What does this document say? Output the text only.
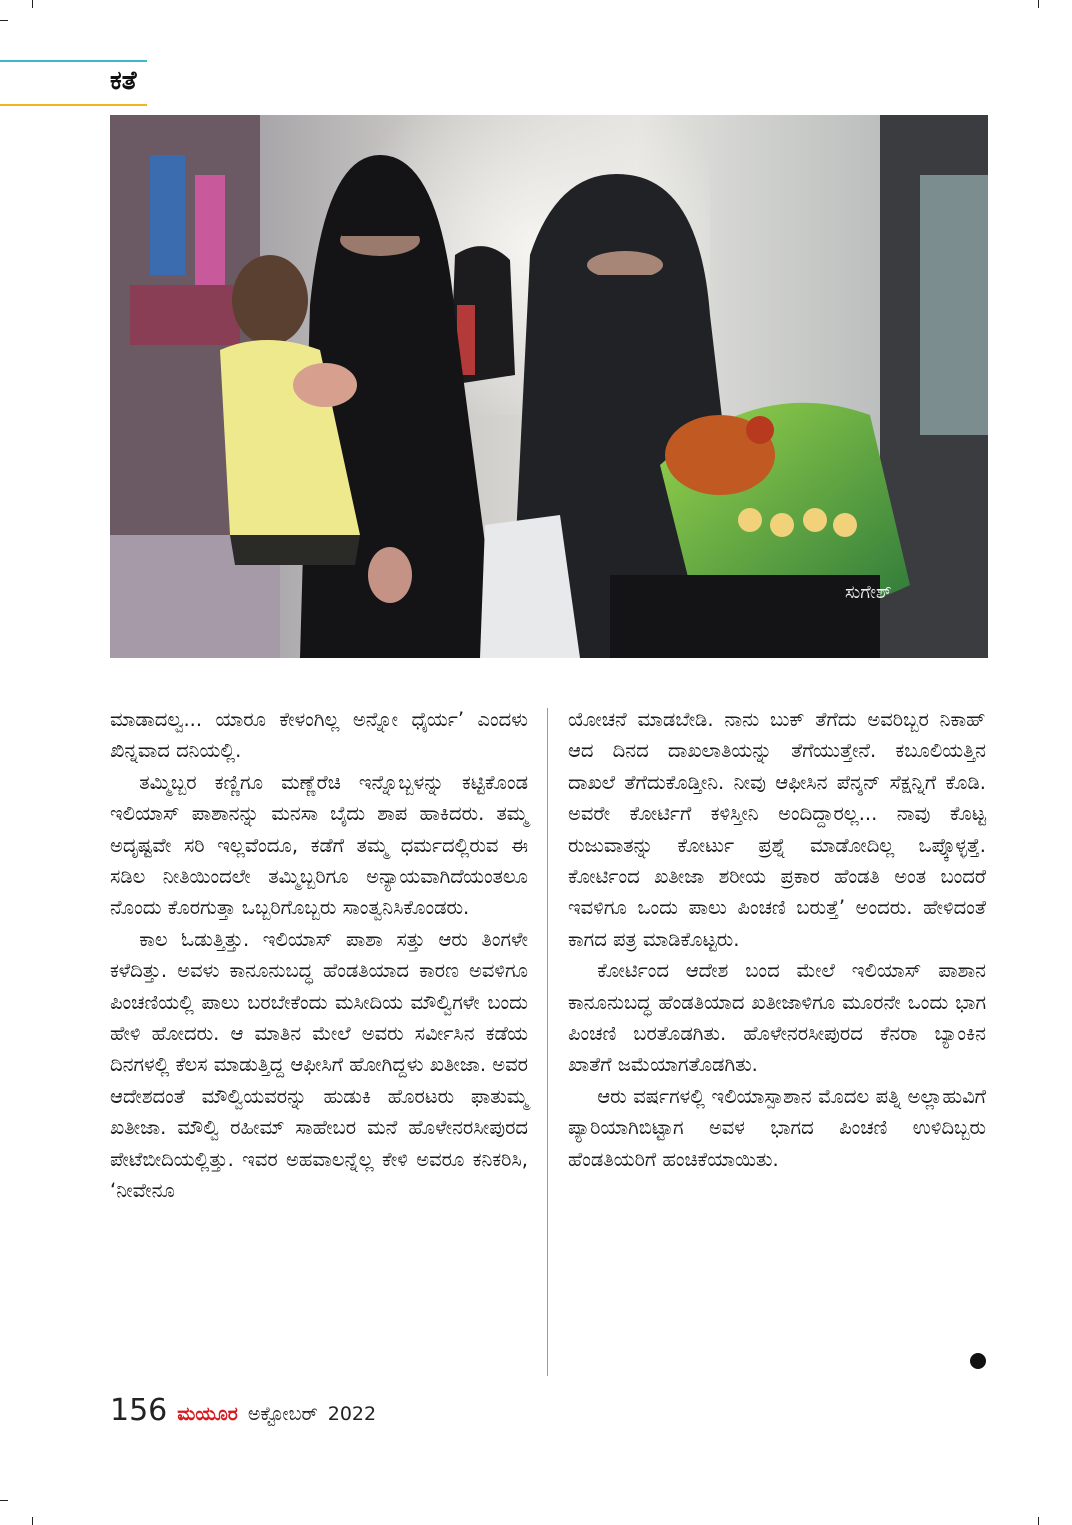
ಕತೆ
ಸುಗೇಶ್

ಮಾಡಾದಲ್ವ... ಯಾರೂ ಕೇಳಂಗಿಲ್ಲ ಅನ್ನೋ ಧೈರ್ಯ’ ಎಂದಳು ಖಿನ್ನವಾದ ದನಿಯಲ್ಲಿ.

ತಮ್ಮಿಬ್ಬರ ಕಣ್ಣಿಗೂ ಮಣ್ಣೆರೆಚಿ ಇನ್ನೊಬ್ಬಳನ್ನು ಕಟ್ಟಿಕೊಂಡ ಇಲಿಯಾಸ್ ಪಾಶಾನನ್ನು ಮನಸಾ ಬೈದು ಶಾಪ ಹಾಕಿದರು. ತಮ್ಮ ಅದೃಷ್ಟವೇ ಸರಿ ಇಲ್ಲವೆಂದೂ, ಕಡೆಗೆ ತಮ್ಮ ಧರ್ಮದಲ್ಲಿರುವ ಈ ಸಡಿಲ ನೀತಿಯಿಂದಲೇ ತಮ್ಮಿಬ್ಬರಿಗೂ ಅನ್ಯಾಯವಾಗಿದೆಯಂತಲೂ ನೊಂದು ಕೊರಗುತ್ತಾ ಒಬ್ಬರಿಗೊಬ್ಬರು ಸಾಂತ್ವನಿಸಿಕೊಂಡರು.

ಕಾಲ ಓಡುತ್ತಿತ್ತು. ಇಲಿಯಾಸ್ ಪಾಶಾ ಸತ್ತು ಆರು ತಿಂಗಳೇ ಕಳೆದಿತ್ತು. ಅವಳು ಕಾನೂನುಬದ್ಧ ಹೆಂಡತಿಯಾದ ಕಾರಣ ಅವಳಿಗೂ ಪಿಂಚಣಿಯಲ್ಲಿ ಪಾಲು ಬರಬೇಕೆಂದು ಮಸೀದಿಯ ಮೌಲ್ವಿಗಳೇ ಬಂದು ಹೇಳಿ ಹೋದರು. ಆ ಮಾತಿನ ಮೇಲೆ ಅವರು ಸರ್ವೀಸಿನ ಕಡೆಯ ದಿನಗಳಲ್ಲಿ ಕೆಲಸ ಮಾಡುತ್ತಿದ್ದ ಆಫೀಸಿಗೆ ಹೋಗಿದ್ದಳು ಖತೀಜಾ. ಅವರ ಆದೇಶದಂತೆ ಮೌಲ್ವಿಯವರನ್ನು ಹುಡುಕಿ ಹೊರಟರು ಫಾತುಮ್ಮ ಖತೀಜಾ. ಮೌಲ್ವಿ ರಹೀಮ್ ಸಾಹೇಬರ ಮನೆ ಹೊಳೇನರಸೀಪುರದ ಪೇಟೆಬೀದಿಯಲ್ಲಿತ್ತು. ಇವರ ಅಹವಾಲನ್ನೆಲ್ಲ ಕೇಳಿ ಅವರೂ ಕನಿಕರಿಸಿ, ‘ನೀವೇನೂ

ಯೋಚನೆ ಮಾಡಬೇಡಿ. ನಾನು ಬುಕ್ ತೆಗೆದು ಅವರಿಬ್ಬರ ನಿಕಾಹ್ ಆದ ದಿನದ ದಾಖಲಾತಿಯನ್ನು ತೆಗೆಯುತ್ತೇನೆ. ಕಬೂಲಿಯತ್ತಿನ ದಾಖಲೆ ತೆಗೆದುಕೊಡ್ತೀನಿ. ನೀವು ಆಫೀಸಿನ ಪೆನ್ಶನ್ ಸೆಕ್ಷನ್ನಿಗೆ ಕೊಡಿ. ಅವರೇ ಕೋರ್ಟಿಗೆ ಕಳಿಸ್ತೀನಿ ಅಂದಿದ್ದಾರಲ್ಲ... ನಾವು ಕೊಟ್ಟ ರುಜುವಾತನ್ನು ಕೋರ್ಟು ಪ್ರಶ್ನೆ ಮಾಡೋದಿಲ್ಲ ಒಪ್ಕೊಳ್ಳತ್ತೆ. ಕೋರ್ಟಿಂದ ಖತೀಜಾ ಶರೀಯ ಪ್ರಕಾರ ಹೆಂಡತಿ ಅಂತ ಬಂದರೆ ಇವಳಿಗೂ ಒಂದು ಪಾಲು ಪಿಂಚಣಿ ಬರುತ್ತೆ’ ಅಂದರು. ಹೇಳಿದಂತೆ ಕಾಗದ ಪತ್ರ ಮಾಡಿಕೊಟ್ಟರು.

ಕೋರ್ಟಿಂದ ಆದೇಶ ಬಂದ ಮೇಲೆ ಇಲಿಯಾಸ್ ಪಾಶಾನ ಕಾನೂನುಬದ್ಧ ಹೆಂಡತಿಯಾದ ಖತೀಜಾಳಿಗೂ ಮೂರನೇ ಒಂದು ಭಾಗ ಪಿಂಚಣಿ ಬರತೊಡಗಿತು. ಹೊಳೇನರಸೀಪುರದ ಕೆನರಾ ಬ್ಯಾಂಕಿನ ಖಾತೆಗೆ ಜಮೆಯಾಗತೊಡಗಿತು.

ಆರು ವರ್ಷಗಳಲ್ಲಿ ಇಲಿಯಾಸ್ಪಾಶಾನ ಮೊದಲ ಪತ್ನಿ ಅಲ್ಲಾಹುವಿಗೆ ಪ್ಯಾರಿಯಾಗಿಬಿಟ್ಟಾಗ ಅವಳ ಭಾಗದ ಪಿಂಚಣಿ ಉಳಿದಿಬ್ಬರು ಹೆಂಡತಿಯರಿಗೆ ಹಂಚಿಕೆಯಾಯಿತು.

156 ಮಯೂರ ಅಕ್ಟೋಬರ್ 2022
